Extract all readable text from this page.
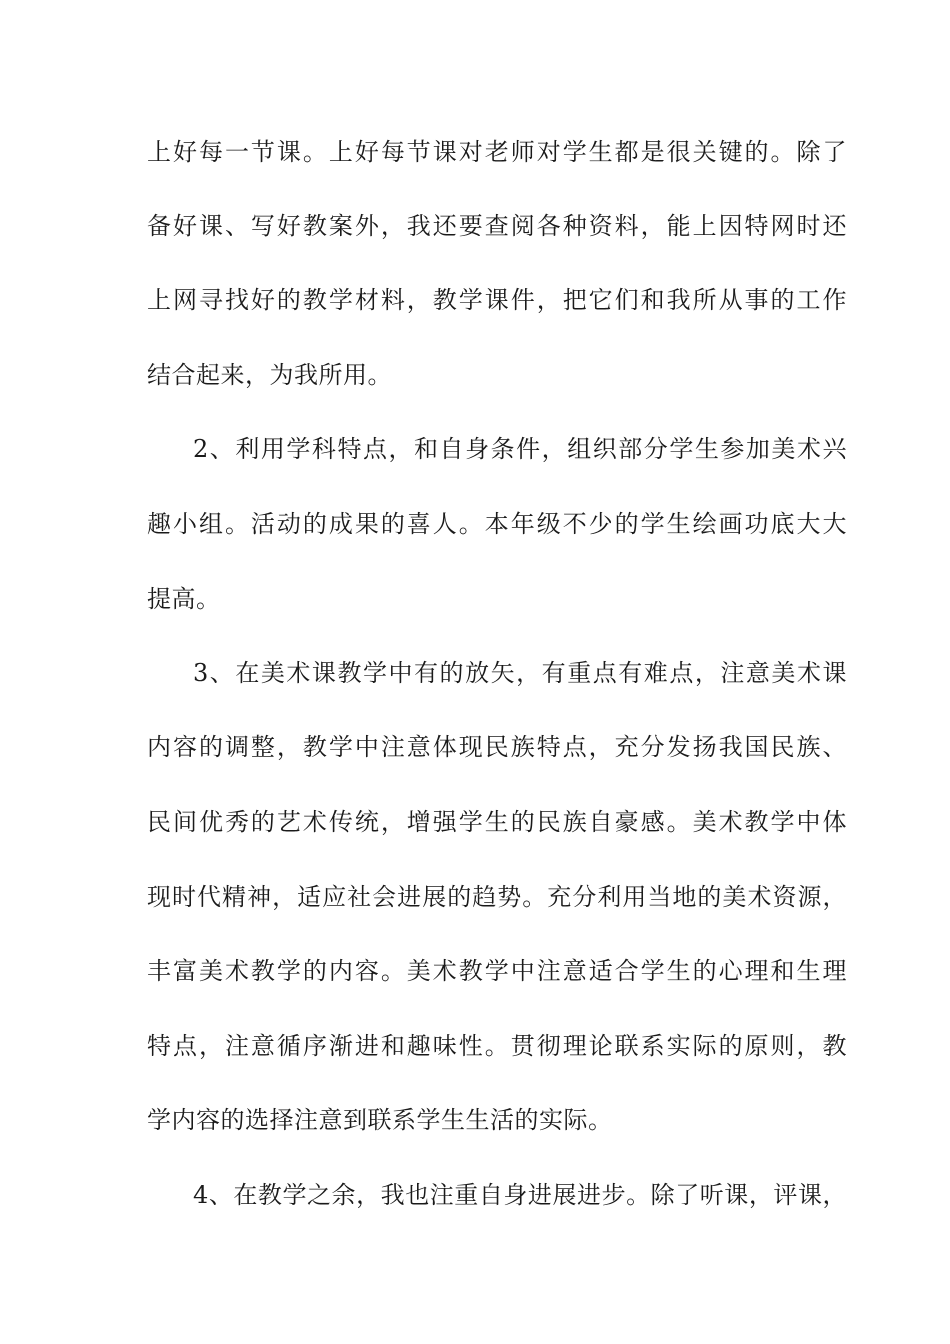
上好每一节课。上好每节课对老师对学生都是很关键的。除了
备好课、写好教案外，我还要查阅各种资料，能上因特网时还
上网寻找好的教学材料，教学课件，把它们和我所从事的工作
结合起来，为我所用。
2、利用学科特点，和自身条件，组织部分学生参加美术兴
趣小组。活动的成果的喜人。本年级不少的学生绘画功底大大
提高。
3、在美术课教学中有的放矢，有重点有难点，注意美术课
内容的调整，教学中注意体现民族特点，充分发扬我国民族、
民间优秀的艺术传统，增强学生的民族自豪感。美术教学中体
现时代精神，适应社会进展的趋势。充分利用当地的美术资源，
丰富美术教学的内容。美术教学中注意适合学生的心理和生理
特点，注意循序渐进和趣味性。贯彻理论联系实际的原则，教
学内容的选择注意到联系学生生活的实际。
4、在教学之余，我也注重自身进展进步。除了听课，评课，
